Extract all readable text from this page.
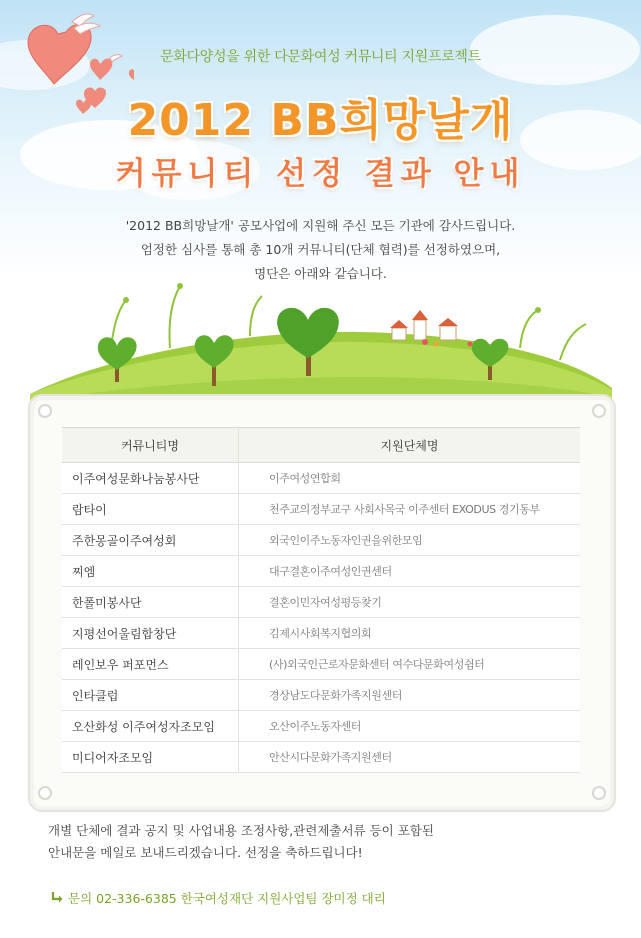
문화다양성을 위한 다문화여성 커뮤니티 지원프로젝트
2012 BB희망날개
커뮤니티 선정 결과 안내
'2012 BB희망날개' 공모사업에 지원해 주신 모든 기관에 감사드립니다.
엄정한 심사를 통해 총 10개 커뮤니티(단체 협력)를 선정하였으며,
명단은 아래와 같습니다.
커뮤니티명	지원단체명
이주여성문화나눔봉사단	이주여성연합회
람타이	천주교의정부교구 사회사목국 이주센터 EXODUS 경기동부
주한몽골이주여성회	외국인이주노동자인권을위한모임
찌엠	대구결혼이주여성인권센터
한폴미봉사단	결혼이민자여성평등찾기
지평선어울림합창단	김제시사회복지협의회
레인보우 퍼포먼스	(사)외국인근로자문화센터 여수다문화여성쉼터
인타클럽	경상남도다문화가족지원센터
오산화성 이주여성자조모임	오산이주노동자센터
미디어자조모임	안산시다문화가족지원센터
개별 단체에 결과 공지 및 사업내용 조정사항,관련제출서류 등이 포함된
안내문을 메일로 보내드리겠습니다. 선정을 축하드립니다!
문의 02-336-6385 한국여성재단 지원사업팀 장미정 대리
